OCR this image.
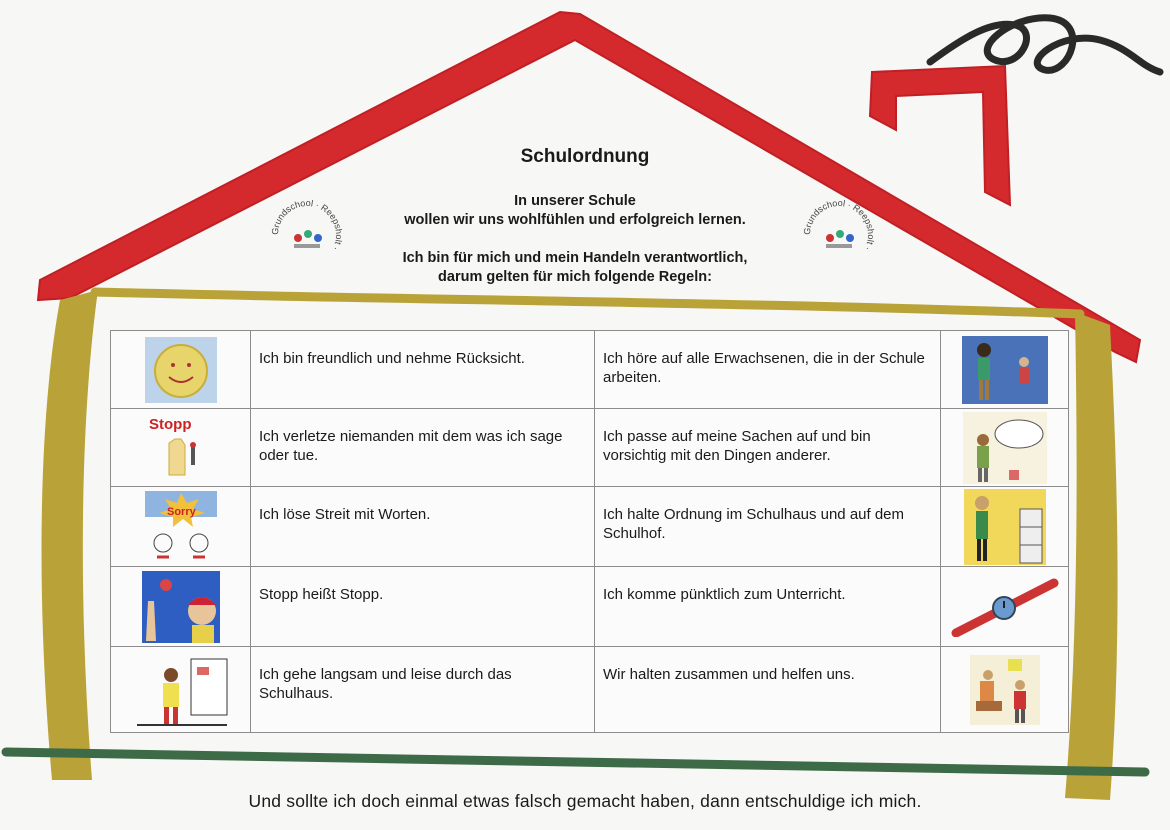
Schulordnung
In unserer Schule
wollen wir uns wohlfühlen und erfolgreich lernen.
Ich bin für mich und mein Handeln verantwortlich,
darum gelten für mich folgende Regeln:
Grundschool · Reepsholt ·
Grundschool · Reepsholt ·
	Ich bin freundlich und nehme Rücksicht.	Ich höre auf alle Erwachsenen, die in der Schule arbeiten.	

Stopp	Ich verletze niemanden mit dem was ich sage oder tue.	Ich passe auf meine Sachen auf und bin vorsichtig mit den Dingen anderer.	

Sorry	Ich löse Streit mit Worten.	Ich halte Ordnung im Schulhaus und auf dem Schulhof.	

	Stopp heißt Stopp.	Ich komme pünktlich zum Unterricht.	

	Ich gehe langsam und leise durch das Schulhaus.	Wir halten zusammen und helfen uns.	
Und sollte ich doch einmal etwas falsch gemacht haben, dann entschuldige ich mich.
